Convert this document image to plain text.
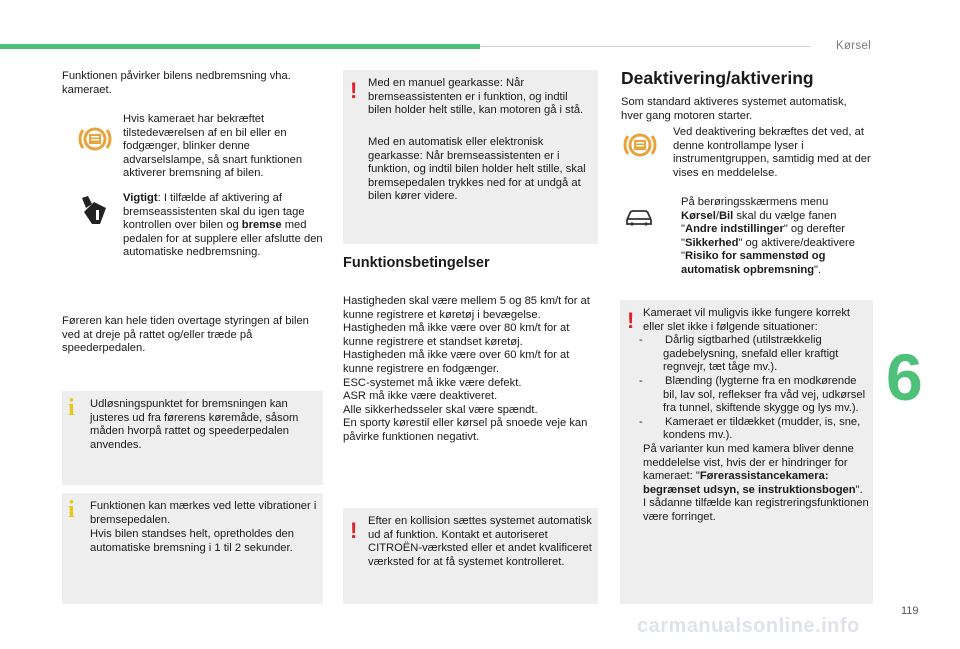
Kørsel

Funktionen påvirker bilens nedbremsning vha. kameraet.

Hvis kameraet har bekræftet tilstedeværelsen af en bil eller en fodgænger, blinker denne advarselslampe, så snart funktionen aktiverer bremsning af bilen.

Vigtigt: I tilfælde af aktivering af bremseassistenten skal du igen tage kontrollen over bilen og bremse med pedalen for at supplere eller afslutte den automatiske nedbremsning.

Føreren kan hele tiden overtage styringen af bilen ved at dreje på rattet og/eller træde på speederpedalen.

i Udløsningspunktet for bremsningen kan justeres ud fra førerens køremåde, såsom måden hvorpå rattet og speederpedalen anvendes.

i Funktionen kan mærkes ved lette vibrationer i bremsepedalen.

Hvis bilen standses helt, opretholdes den automatiske bremsning i 1 til 2 sekunder.

! Med en manuel gearkasse: Når bremseassistenten er i funktion, og indtil bilen holder helt stille, kan motoren gå i stå.

Med en automatisk eller elektronisk gearkasse: Når bremseassistenten er i funktion, og indtil bilen holder helt stille, skal bremsepedalen trykkes ned for at undgå at bilen kører videre.

Funktionsbetingelser

Hastigheden skal være mellem 5 og 85 km/t for at kunne registrere et køretøj i bevægelse.

Hastigheden må ikke være over 80 km/t for at kunne registrere et standset køretøj.

Hastigheden må ikke være over 60 km/t for at kunne registrere en fodgænger.

ESC-systemet må ikke være defekt.

ASR må ikke være deaktiveret.

Alle sikkerhedsseler skal være spændt.

En sporty kørestil eller kørsel på snoede veje kan påvirke funktionen negativt.

! Efter en kollision sættes systemet automatisk ud af funktion. Kontakt et autoriseret CITROËN-værksted eller et andet kvalificeret værksted for at få systemet kontrolleret.

Deaktivering/aktivering

Som standard aktiveres systemet automatisk, hver gang motoren starter.

Ved deaktivering bekræftes det ved, at denne kontrollampe lyser i instrumentgruppen, samtidig med at der vises en meddelelse.

På berøringsskærmens menu Kørsel/Bil skal du vælge fanen "Andre indstillinger" og derefter "Sikkerhed" og aktivere/deaktivere "Risiko for sammenstød og automatisk opbremsning".

! Kameraet vil muligvis ikke fungere korrekt eller slet ikke i følgende situationer:

- Dårlig sigtbarhed (utilstrækkelig gadebelysning, snefald eller kraftigt regnvejr, tæt tåge mv.).

- Blænding (lygterne fra en modkørende bil, lav sol, reflekser fra våd vej, udkørsel fra tunnel, skiftende skygge og lys mv.).

- Kameraet er tildækket (mudder, is, sne, kondens mv.).

På varianter kun med kamera bliver denne meddelelse vist, hvis der er hindringer for kameraet: "Førerassistancekamera: begrænset udsyn, se instruktionsbogen".

I sådanne tilfælde kan registreringsfunktionen være forringet.

6
119
carmanualsonline.info
